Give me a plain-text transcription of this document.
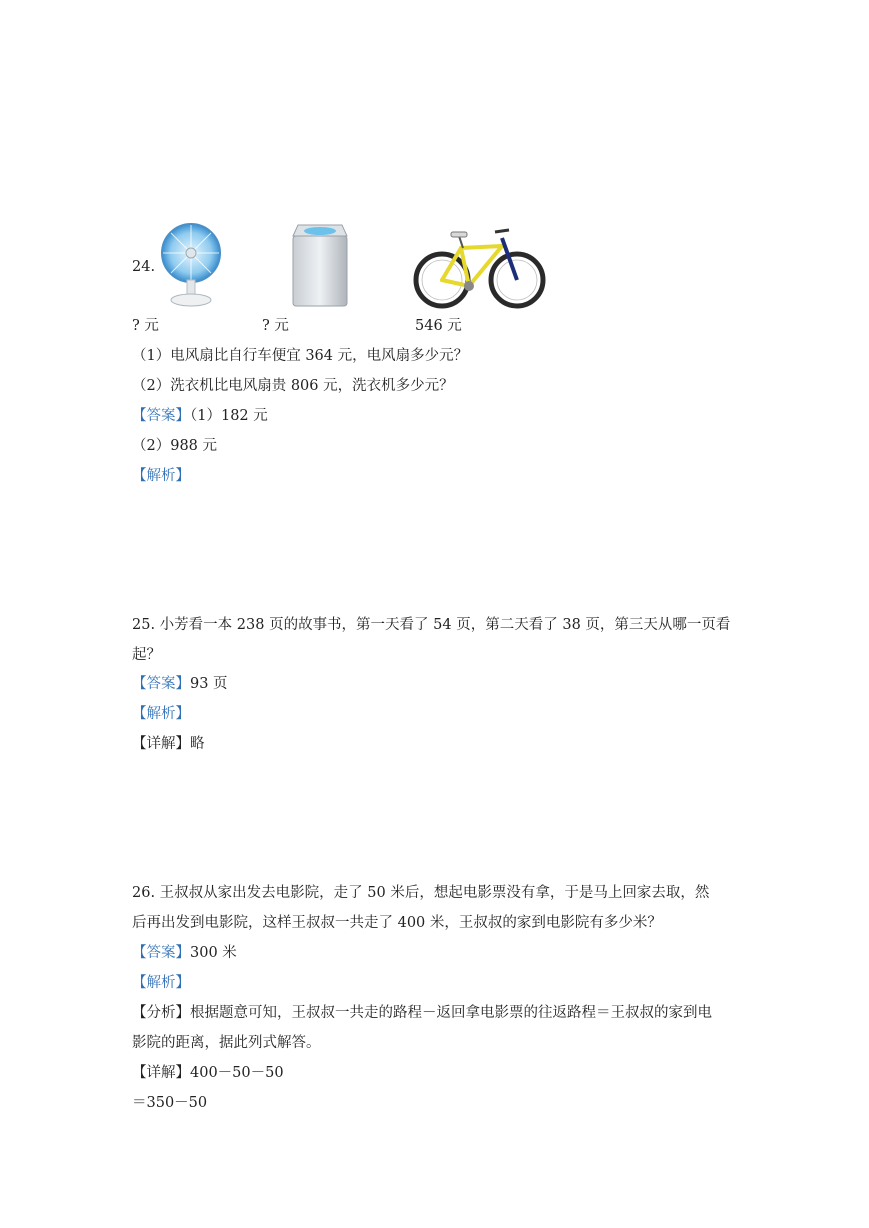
24.
? 元	? 元	546 元
（1）电风扇比自行车便宜 364 元，电风扇多少元？
（2）洗衣机比电风扇贵 806 元，洗衣机多少元？
【答案】（1）182 元
（2）988 元
【解析】
25. 小芳看一本 238 页的故事书，第一天看了 54 页，第二天看了 38 页，第三天从哪一页看
起？
【答案】93 页
【解析】
【详解】略
26. 王叔叔从家出发去电影院，走了 50 米后，想起电影票没有拿，于是马上回家去取，然
后再出发到电影院，这样王叔叔一共走了 400 米，王叔叔的家到电影院有多少米？
【答案】300 米
【解析】
【分析】根据题意可知，王叔叔一共走的路程－返回拿电影票的往返路程＝王叔叔的家到电
影院的距离，据此列式解答。
【详解】400－50－50
＝350－50
